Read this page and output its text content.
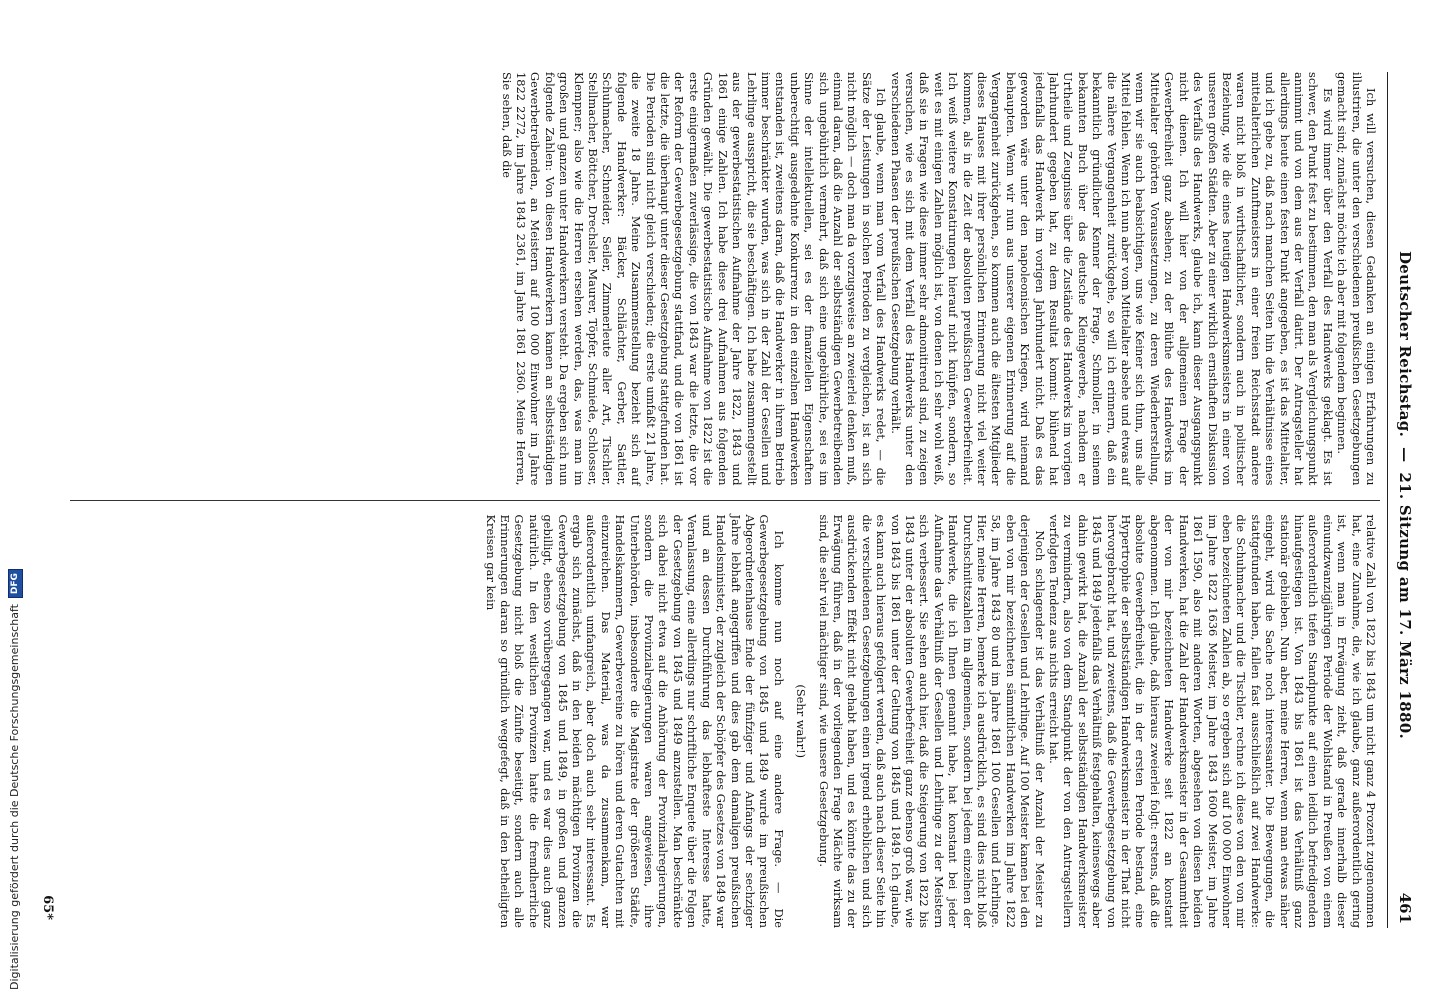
Deutscher Reichstag.
—
21. Sitzung am 17. März 1880.
461

Ich will versuchen, diesen Gedanken an einigen Erfahrungen zu illustriren, die unter den verschiedenen preußischen Gesetzgebungen gemacht sind; zunächst möchte ich aber mit folgendem beginnen.

Es wird immer über den Verfall des Handwerks geklagt. Es ist schwer, den Punkt fest zu bestimmen, den man als Vergleichungspunkt annimmt und von dem aus der Verfall datirt. Der Antragsteller hat allerdings heute einen festen Punkt angegeben, es ist das Mittelalter, und ich gebe zu, daß nach manchen Seiten hin die Verhältnisse eines mittelalterlichen Zunftmeisters in einer freien Reichsstadt andere waren nicht bloß in wirthschaftlicher, sondern auch in politischer Beziehung, wie die eines heutigen Handwerksmeisters in einer von unseren großen Städten. Aber zu einer wirklich ernsthaften Diskussion des Verfalls des Handwerks, glaube ich, kann dieser Ausgangspunkt nicht dienen. Ich will hier von der allgemeinen Frage der Gewerbefreiheit ganz absehen; zu der Blüthe des Handwerks im Mittelalter gehörten Voraussetzungen, zu deren Wiederherstellung, wenn wir sie auch beabsichtigen, uns wie Keiner sich thun, uns alle Mittel fehlen. Wenn ich nun aber vom Mittelalter absehe und etwas auf die nähere Vergangenheit zurückgehe, so will ich erinnern, daß ein bekanntlich gründlicher Kenner der Frage, Schmoller, in seinem bekannten Buch über das deutsche Kleingewerbe, nachdem er Urtheile und Zeugnisse über die Zustände des Handwerks im vorigen Jahrhundert gegeben hat, zu dem Resultat kommt: blühend hat jedenfalls das Handwerk im vorigen Jahrhundert nicht. Daß es das geworden wäre unter den napoleonischen Kriegen, wird niemand behaupten. Wenn wir nun aus unserer eigenen Erinnerung auf die Vergangenheit zurückgehen, so kommen auch die ältesten Mitglieder dieses Hauses mit ihrer persönlichen Erinnerung nicht viel weiter kommen, als in die Zeit der absoluten preußischen Gewerbefreiheit. Ich weiß weitere Konstatirungen hierauf nicht knüpfen, sondern, so weit es mit einigen Zahlen möglich ist, von denen ich sehr wohl weiß, daß sie in Fragen wie diese immer sehr admonitirend sind, zu zeigen versuchen, wie es sich mit dem Verfall des Handwerks unter den verschiedenen Phasen der preußischen Gesetzgebung verhält.

Ich glaube, wenn man vom Verfall des Handwerks redet, — die Sätze der Leistungen in solchen Perioden zu vergleichen, ist an sich nicht möglich — doch man da vorzugsweise an zweierlei denken muß, einmal daran, daß die Anzahl der selbstständigen Gewerbetreibenden sich ungebührlich vermehrt, daß sich eine ungebührliche, sei es im Sinne der intellektuellen, sei es der finanziellen Eigenschaften unberechtigt ausgedehnte Konkurrenz in den einzelnen Handwerken entstanden ist, zweitens daran, daß die Handwerker in ihrem Betrieb immer beschränkter wurden, was sich in der Zahl der Gesellen und Lehrlinge ausspricht, die sie beschäftigen. Ich habe zusammengestellt aus der gewerbestatistischen Aufnahme der Jahre 1822, 1843 und 1861 einige Zahlen. Ich habe diese drei Aufnahmen aus folgenden Gründen gewählt. Die gewerbestatistische Aufnahme von 1822 ist die erste einigermaßen zuverlässige, die von 1843 war die letzte, die vor der Reform der Gewerbegesetzgebung stattfand, und die von 1861 ist die letzte, die überhaupt unter dieser Gesetzgebung stattgefunden hat. Die Perioden sind nicht gleich verschieden; die erste umfaßt 21 Jahre, die zweite 18 Jahre. Meine Zusammenstellung bezieht sich auf folgende Handwerker: Bäcker, Schlächter, Gerber, Sattler, Schuhmacher, Schneider, Seiler, Zimmerleute aller Art, Tischler, Stellmacher, Böttcher, Drechsler, Maurer, Töpfer, Schmiede, Schlosser, Klempner; also wie die Herren ersehen werden, das, was man im großen und ganzen unter Handwerkern versteht. Da ergeben sich nun folgende Zahlen: Von diesen Handwerkern kamen an selbstständigen Gewerbetreibenden, an Meistern auf 100 000 Einwohner im Jahre 1822 2272, im Jahre 1843 2361, im Jahre 1861 2360. Meine Herren, Sie sehen, daß die

relative Zahl von 1822 bis 1843 um nicht ganz 4 Prozent zugenommen hat, eine Zunahme, die, wie ich glaube, ganz außerordentlich gering ist, wenn man in Erwägung zieht, daß gerade innerhalb dieser einundzwanzigjährigen Periode der Wohlstand in Preußen von einem außerordentlich tiefen Standpunkte auf einen leidlich befriedigenden hinaufgestiegen ist. Von 1843 bis 1861 ist das Verhältniß ganz stationär geblieben. Nun aber, meine Herren, wenn man etwas näher eingeht, wird die Sache noch interessanter. Die Bewegungen, die stattgefunden haben, fallen fast ausschließlich auf zwei Handwerke: die Schuhmacher und die Tischler, rechne ich diese von den von mir eben bezeichneten Zahlen ab, so ergeben sich auf 100 000 Einwohner im Jahre 1822 1636 Meister, im Jahre 1843 1600 Meister, im Jahre 1861 1590, also mit anderen Worten, abgesehen von diesen beiden Handwerken, hat die Zahl der Handwerksmeister in der Gesammtheit der von mir bezeichneten Handwerke seit 1822 an konstant abgenommen. Ich glaube, daß hieraus zweierlei folgt: erstens, daß die absolute Gewerbefreiheit, die in der ersten Periode bestand, eine Hypertrophie der selbstständigen Handwerksmeister in der That nicht hervorgebracht hat, und zweitens, daß die Gewerbegesetzgebung von 1845 und 1849 jedenfalls das Verhältniß festgehalten, keineswegs aber dahin gewirkt hat, die Anzahl der selbstständigen Handwerksmeister zu vermindern, also von dem Standpunkt der von den Antragstellern verfolgten Tendenz aus nichts erreicht hat.

Noch schlagender ist das Verhältniß der Anzahl der Meister zu derjenigen der Gesellen und Lehrlinge. Auf 100 Meister kamen bei den eben von mir bezeichneten sämmtlichen Handwerken im Jahre 1822 58, im Jahre 1843 80 und im Jahre 1861 100 Gesellen und Lehrlinge. Hier, meine Herren, bemerke ich ausdrücklich, es sind dies nicht bloß Durchschnittszahlen im allgemeinen, sondern bei jedem einzelnen der Handwerke, die ich Ihnen genannt habe, hat konstant bei jeder Aufnahme das Verhältniß der Gesellen und Lehrlinge zu der Meistern sich verbessert. Sie sehen auch hier, daß die Steigerung von 1822 bis 1843 unter der absoluten Gewerbefreiheit ganz ebenso groß war, wie von 1843 bis 1861 unter der Geltung von 1845 und 1849. Ich glaube, es kann auch hieraus gefolgert werden, daß auch nach dieser Seite hin die verschiedenen Gesetzgebungen einen irgend erheblichen und sich ausdrückenden Effekt nicht gehabt haben, und es könnte das zu der Erwägung führen, daß in der vorliegenden Frage Mächte wirksam sind, die sehr viel mächtiger sind, wie unsere Gesetzgebung.

(Sehr wahr!)

Ich komme nun noch auf eine andere Frage. — Die Gewerbegesetzgebung von 1845 und 1849 wurde im preußischen Abgeordnetenhause Ende der fünfziger und Anfangs der sechziger Jahre lebhaft angegriffen und dies gab dem damaligen preußischen Handelsminister, der zugleich der Schöpfer des Gesetzes von 1849 war und an dessen Durchführung das lebhafteste Interesse hatte, Veranlassung, eine allerdings nur schriftliche Enquete über die Folgen der Gesetzgebung von 1845 und 1849 anzustellen. Man beschränkte sich dabei nicht etwa auf die Anhörung der Provinzialregierungen, sondern die Provinzialregierungen waren angewiesen, ihre Unterbehörden, insbesondere die Magistrate der größeren Städte, Handelskammern, Gewerbevereine zu hören und deren Gutachten mit einzureichen. Das Material, was da zusammenkam, war außerordentlich umfangreich, aber doch auch sehr interessant. Es ergab sich zunächst, daß in den beiden mächtigen Provinzen die Gewerbegesetzgebung von 1845 und 1849, in großen und ganzen gebilligt, ebenso vorübergegangen war, und es war dies auch ganz natürlich. In den westlichen Provinzen hatte die fremdherrliche Gesetzgebung nicht bloß die Zünfte beseitigt, sondern auch alle Erinnerungen daran so gründlich weggefegt, daß in den betheiligten Kreisen gar kein

65*
Digitalisierung gefördert durch die Deutsche Forschungsgemeinschaft
DFG
